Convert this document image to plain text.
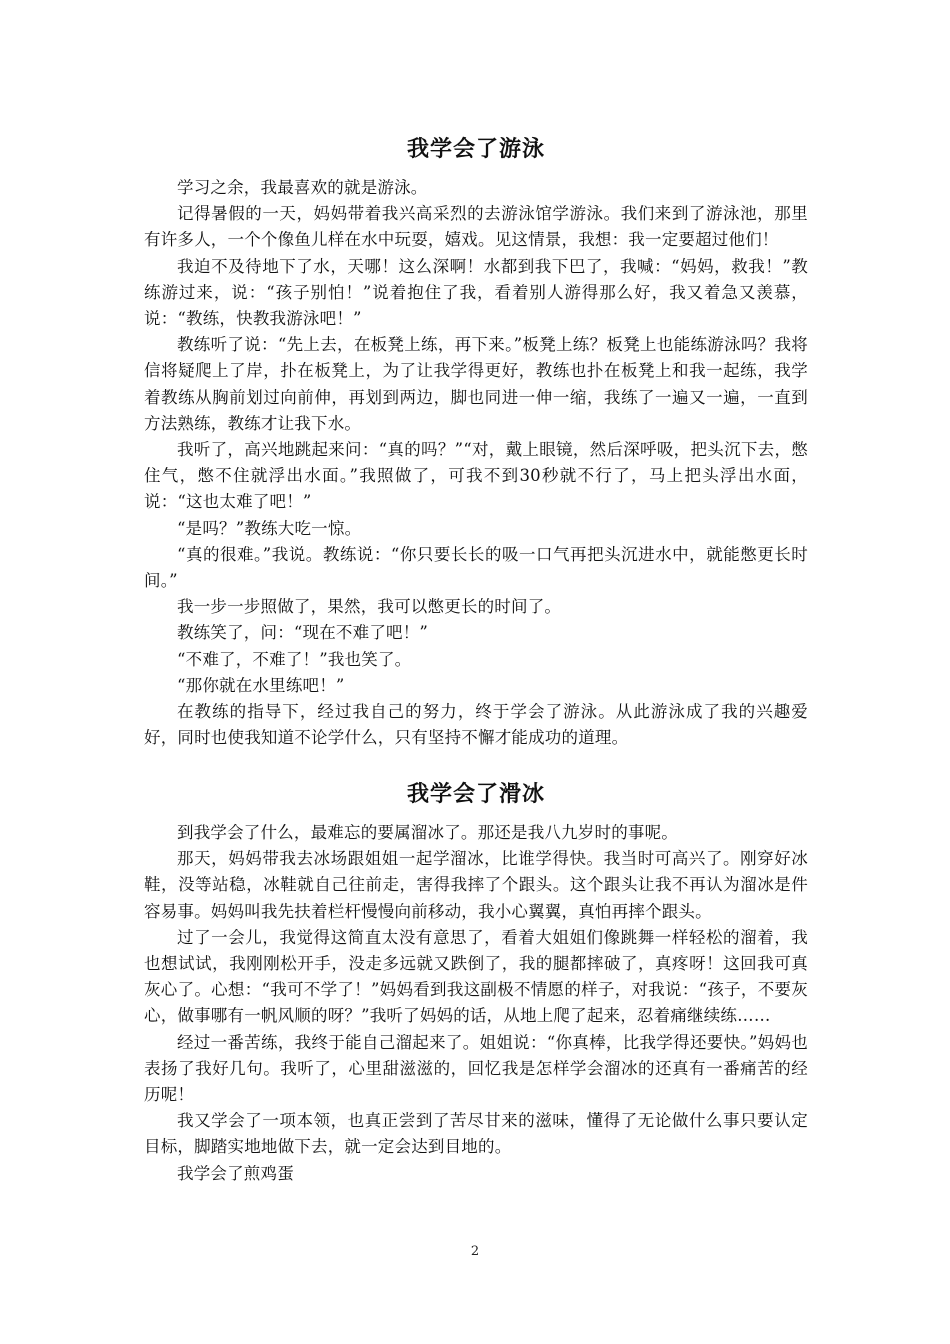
我学会了游泳

学习之余，我最喜欢的就是游泳。

记得暑假的一天，妈妈带着我兴高采烈的去游泳馆学游泳。我们来到了游泳池，那里有许多人，一个个像鱼儿样在水中玩耍，嬉戏。见这情景，我想：我一定要超过他们！

我迫不及待地下了水，天哪！这么深啊！水都到我下巴了，我喊：“妈妈，救我！”教练游过来，说：“孩子别怕！”说着抱住了我，看着别人游得那么好，我又着急又羡慕，说：“教练，快教我游泳吧！”

教练听了说：“先上去，在板凳上练，再下来。”板凳上练？板凳上也能练游泳吗？我将信将疑爬上了岸，扑在板凳上，为了让我学得更好，教练也扑在板凳上和我一起练，我学着教练从胸前划过向前伸，再划到两边，脚也同进一伸一缩，我练了一遍又一遍，一直到方法熟练，教练才让我下水。

我听了，高兴地跳起来问：“真的吗？”“对，戴上眼镜，然后深呼吸，把头沉下去，憋住气，憋不住就浮出水面。”我照做了，可我不到30秒就不行了，马上把头浮出水面，说：“这也太难了吧！”

“是吗？”教练大吃一惊。

“真的很难。”我说。教练说：“你只要长长的吸一口气再把头沉进水中，就能憋更长时间。”

我一步一步照做了，果然，我可以憋更长的时间了。

教练笑了，问：“现在不难了吧！”

“不难了，不难了！”我也笑了。

“那你就在水里练吧！”

在教练的指导下，经过我自己的努力，终于学会了游泳。从此游泳成了我的兴趣爱好，同时也使我知道不论学什么，只有坚持不懈才能成功的道理。

我学会了滑冰

到我学会了什么，最难忘的要属溜冰了。那还是我八九岁时的事呢。

那天，妈妈带我去冰场跟姐姐一起学溜冰，比谁学得快。我当时可高兴了。刚穿好冰鞋，没等站稳，冰鞋就自己往前走，害得我摔了个跟头。这个跟头让我不再认为溜冰是件容易事。妈妈叫我先扶着栏杆慢慢向前移动，我小心翼翼，真怕再摔个跟头。

过了一会儿，我觉得这简直太没有意思了，看着大姐姐们像跳舞一样轻松的溜着，我也想试试，我刚刚松开手，没走多远就又跌倒了，我的腿都摔破了，真疼呀！这回我可真灰心了。心想：“我可不学了！”妈妈看到我这副极不情愿的样子，对我说：“孩子，不要灰心，做事哪有一帆风顺的呀？”我听了妈妈的话，从地上爬了起来，忍着痛继续练……

经过一番苦练，我终于能自己溜起来了。姐姐说：“你真棒，比我学得还要快。”妈妈也表扬了我好几句。我听了，心里甜滋滋的，回忆我是怎样学会溜冰的还真有一番痛苦的经历呢！

我又学会了一项本领，也真正尝到了苦尽甘来的滋味，懂得了无论做什么事只要认定目标，脚踏实地地做下去，就一定会达到目地的。

我学会了煎鸡蛋

2
